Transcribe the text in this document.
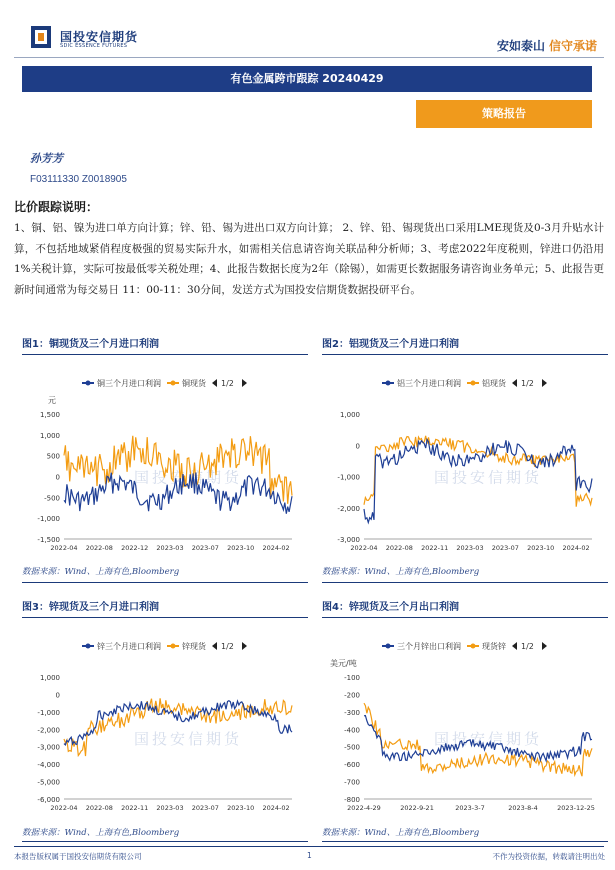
国投安信期货
SDIC ESSENCE FUTURES	安如泰山 信守承诺
有色金属跨市跟踪 20240429
策略报告
孙芳芳
F03111330 Z0018905
比价跟踪说明：
1、铜、铝、镍为进口单方向计算；锌、铅、锡为进出口双方向计算； 2、锌、铅、锡现货出口采用LME现货及0-3月升贴水计算，不包括地域紧俏程度极强的贸易实际升水，如需相关信息请咨询关联品种分析师；3、考虑2022年度税则，锌进口仍沿用1%关税计算，实际可按最低零关税处理；4、此报告数据长度为2年（除锡），如需更长数据服务请咨询业务单元；5、此报告更新时间通常为每交易日 11：00-11：30分间，发送方式为国投安信期货数据投研平台。
图1：铜现货及三个月进口利润
铜三个月进口利润	铜现货 1/2
元
国投安信期货
1,500
1,000
500
0
-500
-1,000
-1,500
2022-04 2022-08 2022-12 2023-03 2023-07 2023-10 2024-02
数据来源：Wind、上海有色,Bloomberg
图2：铝现货及三个月进口利润
铝三个月进口利润	铝现货 1/2
国投安信期货
1,000
0
-1,000
-2,000
-3,000
2022-04 2022-08 2022-11 2023-03 2023-07 2023-10 2024-02
数据来源：Wind、上海有色,Bloomberg
图3：锌现货及三个月进口利润
锌三个月进口利润	锌现货 1/2
国投安信期货
1,000
0
-1,000
-2,000
-3,000
-4,000
-5,000
-6,000
2022-04 2022-08 2022-11 2023-03 2023-07 2023-10 2024-02
数据来源：Wind、上海有色,Bloomberg
图4：锌现货及三个月出口利润
三个月锌出口利润	现货锌 1/2
美元/吨
国投安信期货
-100
-200
-300
-400
-500
-600
-700
-800
2022-4-29	2022-9-21	2023-3-7	2023-8-4	2023-12-25
数据来源：Wind、上海有色,Bloomberg
本报告版权属于国投安信期货有限公司	1	不作为投资依据，转载请注明出处
